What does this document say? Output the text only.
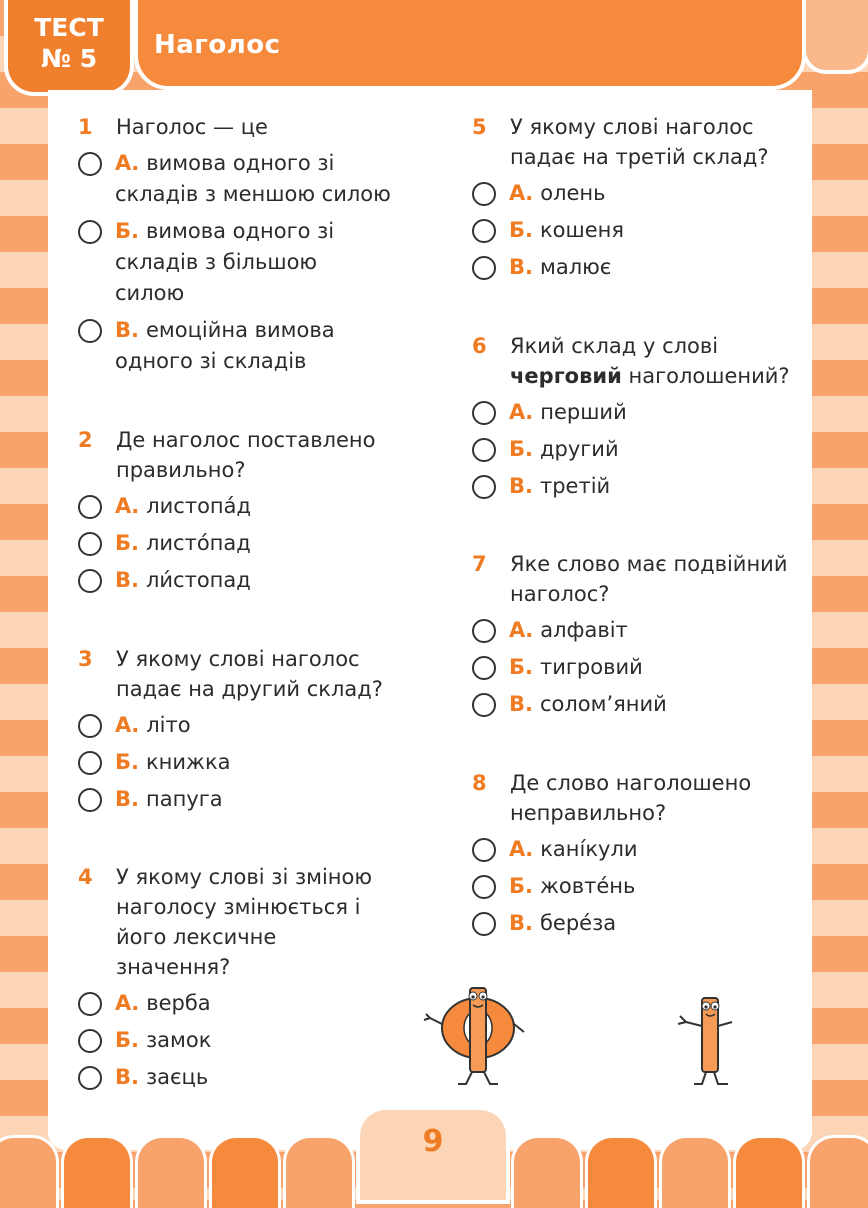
ТЕСТ
№ 5	Наголос
9
1	Наголос — це
А. вимова одного зі складів з меншою силою
Б. вимова одного зі складів з більшою силою
В. емоційна вимова одного зі складів
2	Де наголос поставлено правильно?
А. листопа́д
Б. листо́пад
В. ли́стопад
3	У якому слові наголос падає на другий склад?
А. літо
Б. книжка
В. папуга
4	У якому слові зі зміною наголосу змінюється і його лексичне значення?
А. верба
Б. замок
В. заєць
5	У якому слові наголос падає на третій склад?
А. олень
Б. кошеня
В. малює
6	Який склад у слові черговий наголошений?
А. перший
Б. другий
В. третій
7	Яке слово має подвійний наголос?
А. алфавіт
Б. тигровий
В. солом’яний
8	Де слово наголошено неправильно?
А. кані́кули
Б. жовте́нь
В. бере́за
